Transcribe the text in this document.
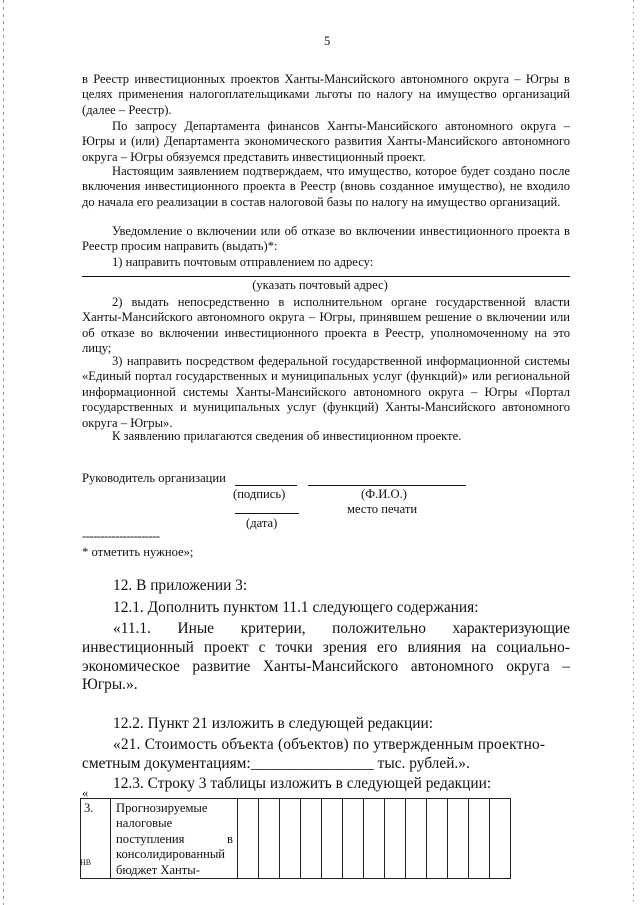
5
в Реестр инвестиционных проектов Ханты-Мансийского автономного округа – Югры в целях применения налогоплательщиками льготы по налогу на имущество организаций (далее – Реестр).
По запросу Департамента финансов Ханты-Мансийского автономного округа – Югры и (или) Департамента экономического развития Ханты-Мансийского автономного округа – Югры обязуемся представить инвестиционный проект.
Настоящим заявлением подтверждаем, что имущество, которое будет создано после включения инвестиционного проекта в Реестр (вновь созданное имущество), не входило до начала его реализации в состав налоговой базы по налогу на имущество организаций.
Уведомление о включении или об отказе во включении инвестиционного проекта в Реестр просим направить (выдать)*:
1) направить почтовым отправлением по адресу:
(указать почтовый адрес)
2) выдать непосредственно в исполнительном органе государственной власти Ханты-Мансийского автономного округа – Югры, принявшем решение о включении или об отказе во включении инвестиционного проекта в Реестр, уполномоченному на это лицу;
3) направить посредством федеральной государственной информационной системы «Единый портал государственных и муниципальных услуг (функций)» или региональной информационной системы Ханты-Мансийского автономного округа – Югры «Портал государственных и муниципальных услуг (функций) Ханты-Мансийского автономного округа – Югры».
К заявлению прилагаются сведения об инвестиционном проекте.
Руководитель организации
(подпись)	(Ф.И.О.)
место печати
(дата)
---------------------
* отметить нужное»;
12. В приложении 3:
12.1. Дополнить пунктом 11.1 следующего содержания:
«11.1. Иные критерии, положительно характеризующие инвестиционный проект с точки зрения его влияния на социально-экономическое развитие Ханты-Мансийского автономного округа – Югры.».
12.2. Пункт 21 изложить в следующей редакции:
«21. Стоимость объекта (объектов) по утвержденным проектно-
сметным документациям:________________ тыс. рублей.».
12.3. Строку 3 таблицы изложить в следующей редакции:
«
3.	Прогнозируемые налоговые поступления в консолидированный бюджет Ханты-													
НВ
